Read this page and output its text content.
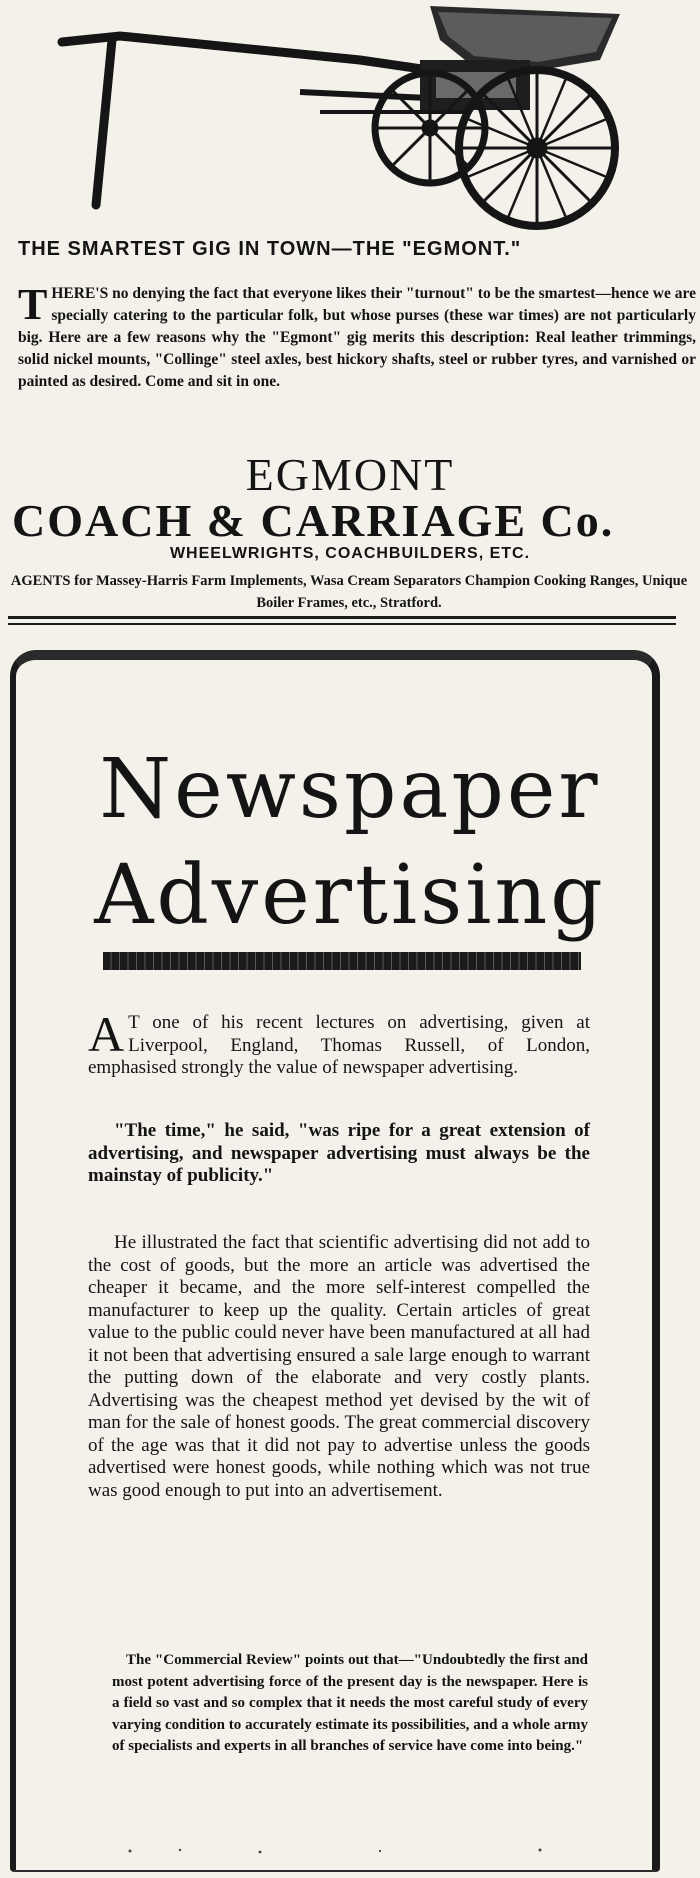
THE SMARTEST GIG IN TOWN—THE "EGMONT."
THERE'S no denying the fact that everyone likes their "turnout" to be the smartest—hence we are specially catering to the particular folk, but whose purses (these war times) are not particularly big. Here are a few reasons why the "Egmont" gig merits this description: Real leather trimmings, solid nickel mounts, "Collinge" steel axles, best hickory shafts, steel or rubber tyres, and varnished or painted as desired. Come and sit in one.
EGMONT
COACH & CARRIAGE Co.
WHEELWRIGHTS, COACHBUILDERS, ETC.
AGENTS for Massey-Harris Farm Implements, Wasa Cream Separators Champion Cooking Ranges, Unique Boiler Frames, etc., Stratford.
Newspaper
Advertising
A T one of his recent lectures on advertising, given at Liverpool, England, Thomas Russell, of London, emphasised strongly the value of newspaper advertising.
"The time," he said, "was ripe for a great extension of advertising, and newspaper advertising must always be the mainstay of publicity."
He illustrated the fact that scientific advertising did not add to the cost of goods, but the more an article was advertised the cheaper it became, and the more self-interest compelled the manufacturer to keep up the quality. Certain articles of great value to the public could never have been manufactured at all had it not been that advertising ensured a sale large enough to warrant the putting down of the elaborate and very costly plants. Advertising was the cheapest method yet devised by the wit of man for the sale of honest goods. The great commercial discovery of the age was that it did not pay to advertise unless the goods advertised were honest goods, while nothing which was not true was good enough to put into an advertisement.
The "Commercial Review" points out that—"Undoubtedly the first and most potent advertising force of the present day is the newspaper. Here is a field so vast and so complex that it needs the most careful study of every varying condition to accurately estimate its possibilities, and a whole army of specialists and experts in all branches of service have come into being."
